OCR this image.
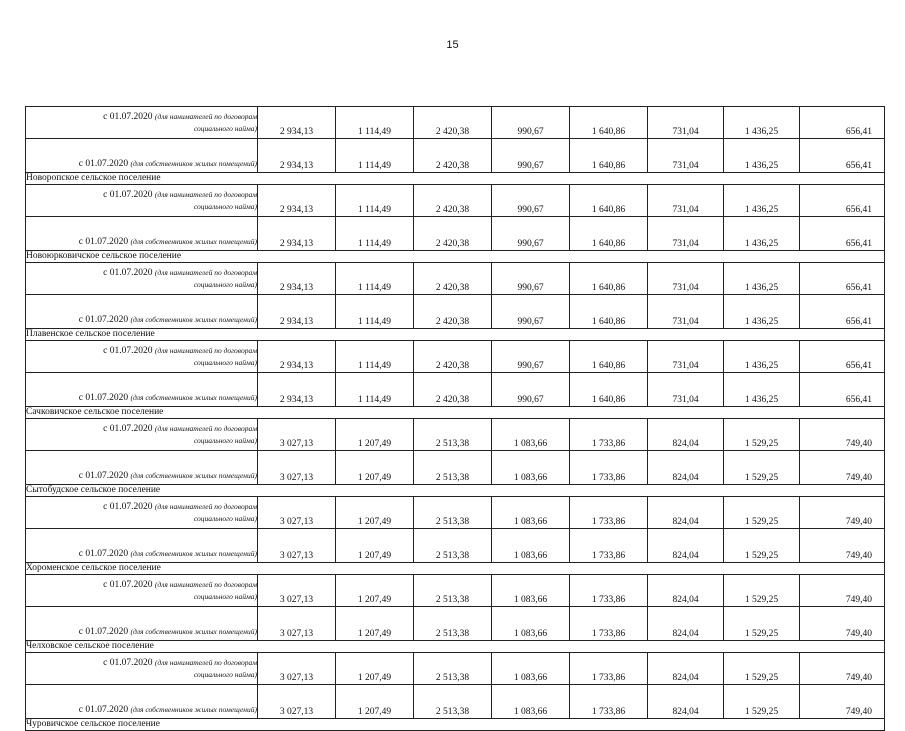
15
с 01.07.2020 (для нанимателей по договорам
социального найма)	2 934,13	1 114,49	2 420,38	990,67	1 640,86	731,04	1 436,25	656,41

с 01.07.2020 (для собственников жилых помещений)	2 934,13	1 114,49	2 420,38	990,67	1 640,86	731,04	1 436,25	656,41
Новоропское сельское поселение								

с 01.07.2020 (для нанимателей по договорам
социального найма)	2 934,13	1 114,49	2 420,38	990,67	1 640,86	731,04	1 436,25	656,41

с 01.07.2020 (для собственников жилых помещений)	2 934,13	1 114,49	2 420,38	990,67	1 640,86	731,04	1 436,25	656,41
Новоюрковичское сельское поселение								

с 01.07.2020 (для нанимателей по договорам
социального найма)	2 934,13	1 114,49	2 420,38	990,67	1 640,86	731,04	1 436,25	656,41

с 01.07.2020 (для собственников жилых помещений)	2 934,13	1 114,49	2 420,38	990,67	1 640,86	731,04	1 436,25	656,41
Плавенское сельское поселение								

с 01.07.2020 (для нанимателей по договорам
социального найма)	2 934,13	1 114,49	2 420,38	990,67	1 640,86	731,04	1 436,25	656,41

с 01.07.2020 (для собственников жилых помещений)	2 934,13	1 114,49	2 420,38	990,67	1 640,86	731,04	1 436,25	656,41
Сачковичское сельское поселение								

с 01.07.2020 (для нанимателей по договорам
социального найма)	3 027,13	1 207,49	2 513,38	1 083,66	1 733,86	824,04	1 529,25	749,40

с 01.07.2020 (для собственников жилых помещений)	3 027,13	1 207,49	2 513,38	1 083,66	1 733,86	824,04	1 529,25	749,40
Сытобудское сельское поселение								

с 01.07.2020 (для нанимателей по договорам
социального найма)	3 027,13	1 207,49	2 513,38	1 083,66	1 733,86	824,04	1 529,25	749,40

с 01.07.2020 (для собственников жилых помещений)	3 027,13	1 207,49	2 513,38	1 083,66	1 733,86	824,04	1 529,25	749,40
Хороменское сельское поселение								

с 01.07.2020 (для нанимателей по договорам
социального найма)	3 027,13	1 207,49	2 513,38	1 083,66	1 733,86	824,04	1 529,25	749,40

с 01.07.2020 (для собственников жилых помещений)	3 027,13	1 207,49	2 513,38	1 083,66	1 733,86	824,04	1 529,25	749,40
Челховское сельское поселение								

с 01.07.2020 (для нанимателей по договорам
социального найма)	3 027,13	1 207,49	2 513,38	1 083,66	1 733,86	824,04	1 529,25	749,40

с 01.07.2020 (для собственников жилых помещений)	3 027,13	1 207,49	2 513,38	1 083,66	1 733,86	824,04	1 529,25	749,40
Чуровичское сельское поселение								
